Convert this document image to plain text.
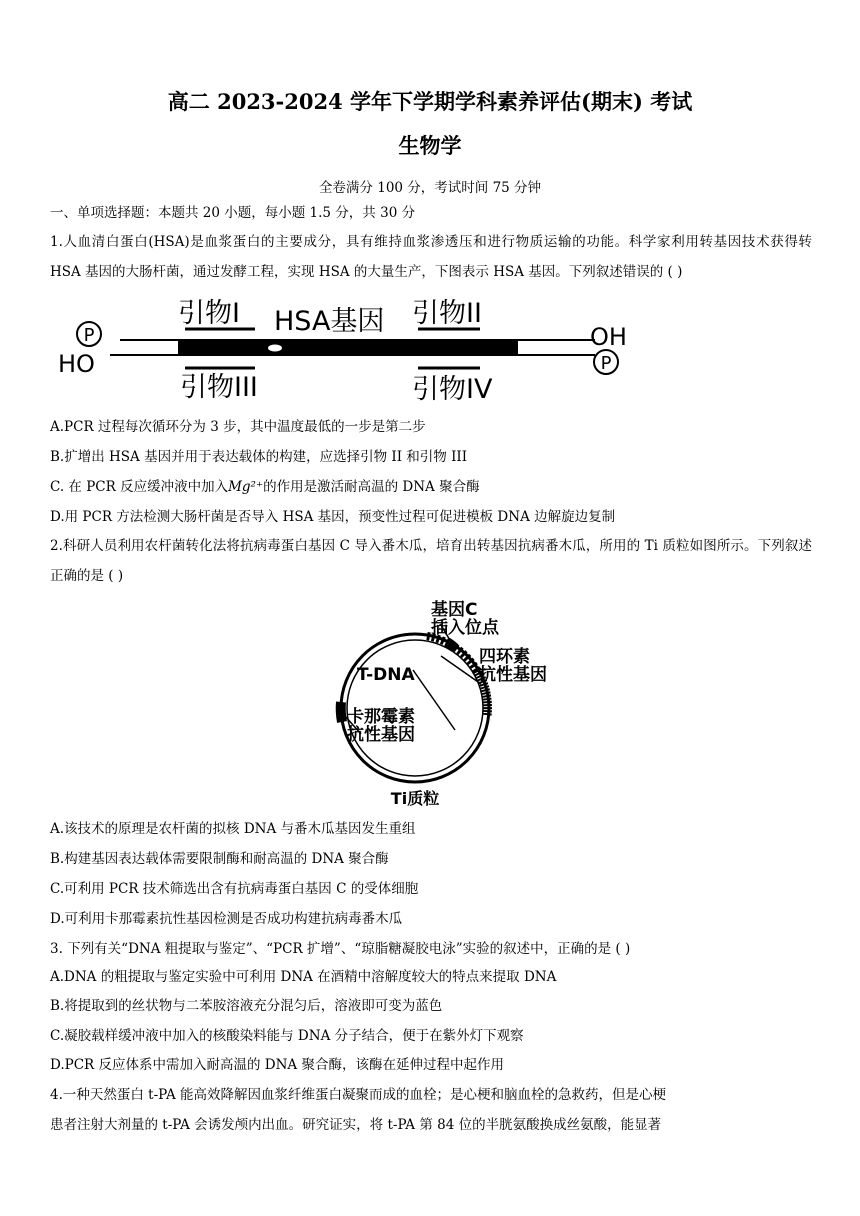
高二 2023-2024 学年下学期学科素养评估(期末) 考试
生物学
全卷满分 100 分，考试时间 75 分钟
一、单项选择题：本题共 20 小题，每小题 1.5 分，共 30 分
1.人血清白蛋白(HSA)是血浆蛋白的主要成分，具有维持血浆渗透压和进行物质运输的功能。科学家利用转基因技术获得转 HSA 基因的大肠杆菌，通过发酵工程，实现 HSA 的大量生产，下图表示 HSA 基因。下列叙述错误的 ( )
引物I HSA基因 引物II
引物III	引物IV
P
P
HO
OH
A.PCR 过程每次循环分为 3 步，其中温度最低的一步是第二步
B.扩增出 HSA 基因并用于表达载体的构建，应选择引物 II 和引物 III
C. 在 PCR 反应缓冲液中加入Mg²⁺的作用是激活耐高温的 DNA 聚合酶
D.用 PCR 方法检测大肠杆菌是否导入 HSA 基因，预变性过程可促进模板 DNA 边解旋边复制
2.科研人员利用农杆菌转化法将抗病毒蛋白基因 C 导入番木瓜，培育出转基因抗病番木瓜，所用的 Ti 质粒如图所示。下列叙述正确的是 ( )
基因C
插入位点
T-DNA
四环素
抗性基因
卡那霉素
抗性基因
Ti质粒
A.该技术的原理是农杆菌的拟核 DNA 与番木瓜基因发生重组
B.构建基因表达载体需要限制酶和耐高温的 DNA 聚合酶
C.可利用 PCR 技术筛选出含有抗病毒蛋白基因 C 的受体细胞
D.可利用卡那霉素抗性基因检测是否成功构建抗病毒番木瓜
3. 下列有关“DNA 粗提取与鉴定”、“PCR 扩增”、“琼脂糖凝胶电泳”实验的叙述中，正确的是 ( )
A.DNA 的粗提取与鉴定实验中可利用 DNA 在酒精中溶解度较大的特点来提取 DNA
B.将提取到的丝状物与二苯胺溶液充分混匀后，溶液即可变为蓝色
C.凝胶载样缓冲液中加入的核酸染料能与 DNA 分子结合，便于在紫外灯下观察
D.PCR 反应体系中需加入耐高温的 DNA 聚合酶，该酶在延伸过程中起作用
4.一种天然蛋白 t-PA 能高效降解因血浆纤维蛋白凝聚而成的血栓；是心梗和脑血栓的急救药，但是心梗
患者注射大剂量的 t-PA 会诱发颅内出血。研究证实，将 t-PA 第 84 位的半胱氨酸换成丝氨酸，能显著
